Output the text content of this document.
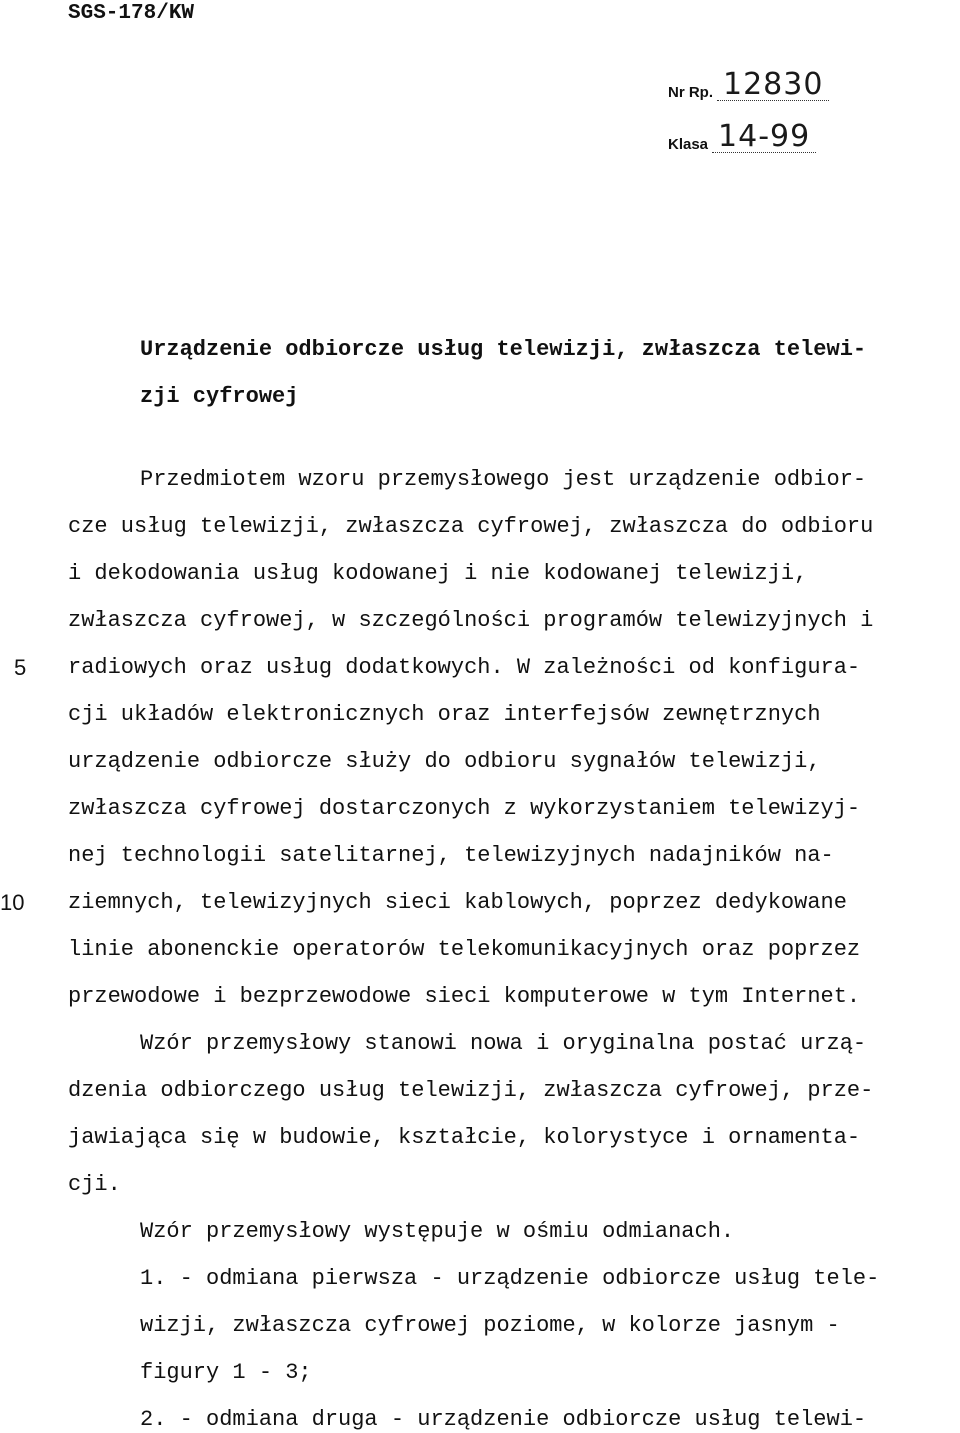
SGS-178/KW
Nr Rp. 12830
Klasa 14-99
Urządzenie odbiorcze usług telewizji, zwłaszcza telewi-
zji cyfrowej
Przedmiotem wzoru przemysłowego jest urządzenie odbior-
cze usług telewizji, zwłaszcza cyfrowej, zwłaszcza do odbioru
i dekodowania usług kodowanej i nie kodowanej telewizji,
zwłaszcza cyfrowej, w szczególności programów telewizyjnych i
radiowych oraz usług dodatkowych. W zależności od konfigura-
cji układów elektronicznych oraz interfejsów zewnętrznych
urządzenie odbiorcze służy do odbioru sygnałów telewizji,
zwłaszcza cyfrowej dostarczonych z wykorzystaniem telewizyj-
nej technologii satelitarnej, telewizyjnych nadajników na-
ziemnych, telewizyjnych sieci kablowych, poprzez dedykowane
linie abonenckie operatorów telekomunikacyjnych oraz poprzez
przewodowe i bezprzewodowe sieci komputerowe w tym Internet.
Wzór przemysłowy stanowi nowa i oryginalna postać urzą-
dzenia odbiorczego usług telewizji, zwłaszcza cyfrowej, prze-
jawiająca się w budowie, kształcie, kolorystyce i ornamenta-
cji.
Wzór przemysłowy występuje w ośmiu odmianach.
1. - odmiana pierwsza - urządzenie odbiorcze usług tele-
wizji, zwłaszcza cyfrowej poziome, w kolorze jasnym -
figury 1 - 3;
2. - odmiana druga - urządzenie odbiorcze usług telewi-
5
10
